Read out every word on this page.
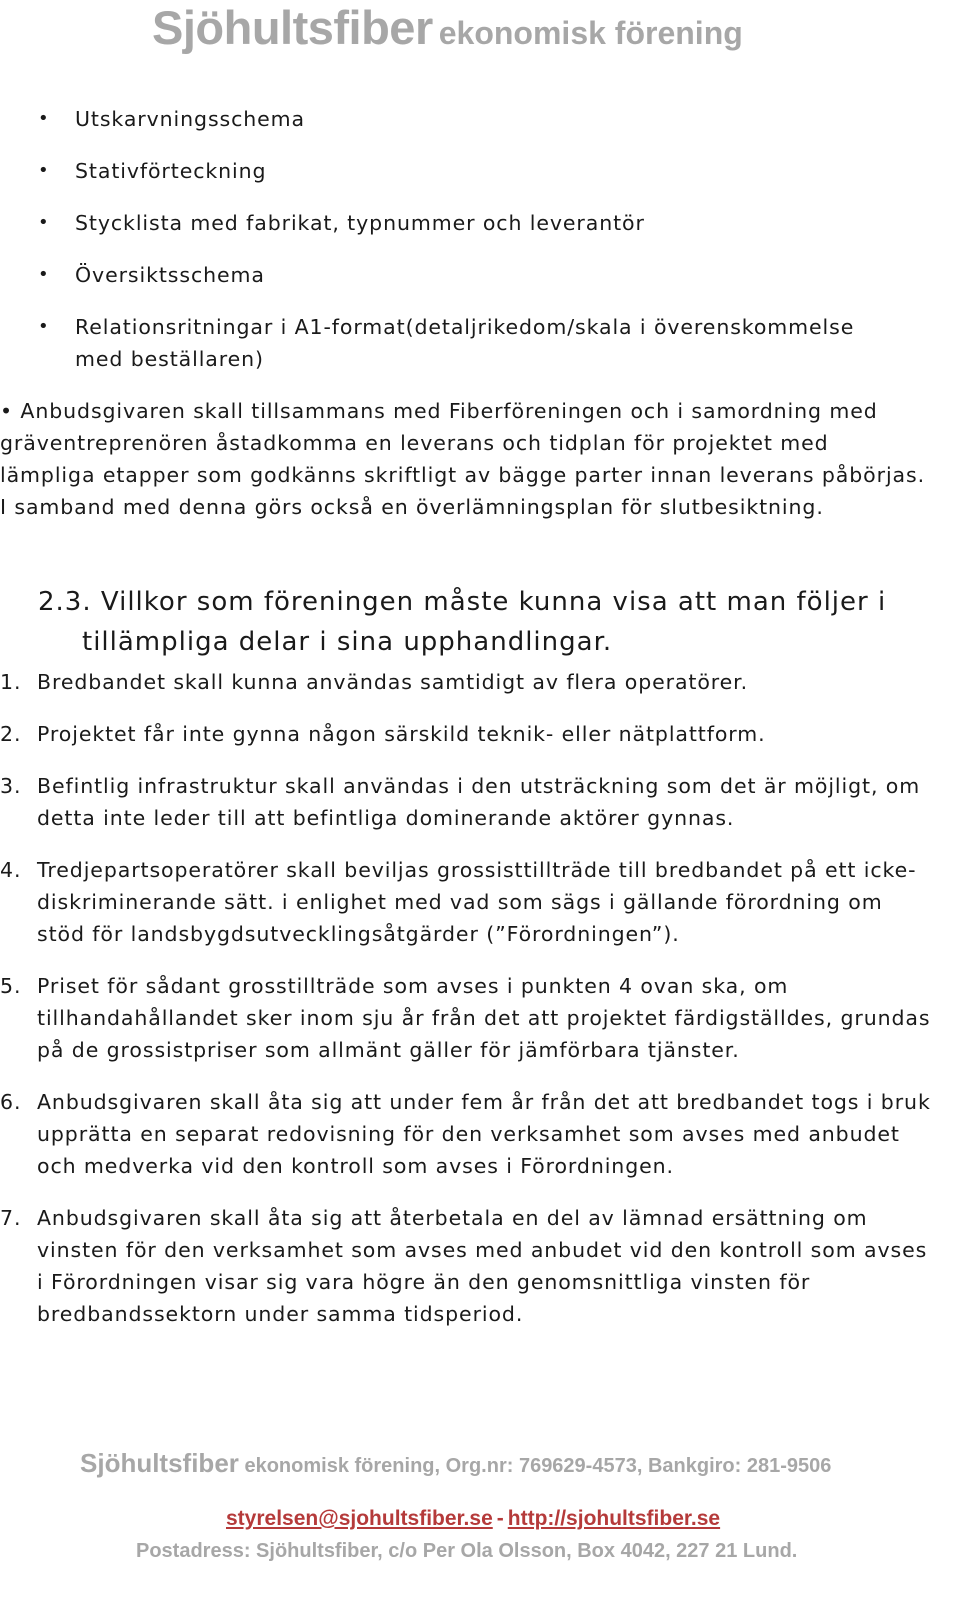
Sjöhultsfiber ekonomisk förening
• Utskarvningsschema
• Stativförteckning
• Stycklista med fabrikat, typnummer och leverantör
• Översiktsschema
• Relationsritningar i A1-format(detaljrikedom/skala i överenskommelse med beställaren)
• Anbudsgivaren skall tillsammans med Fiberföreningen och i samordning med gräventreprenören åstadkomma en leverans och tidplan för projektet med lämpliga etapper som godkänns skriftligt av bägge parter innan leverans påbörjas. I samband med denna görs också en överlämningsplan för slutbesiktning.
2.3. Villkor som föreningen måste kunna visa att man följer i
tillämpliga delar i sina upphandlingar.
1. Bredbandet skall kunna användas samtidigt av flera operatörer.
2. Projektet får inte gynna någon särskild teknik- eller nätplattform.
3. Befintlig infrastruktur skall användas i den utsträckning som det är möjligt, om detta inte leder till att befintliga dominerande aktörer gynnas.
4. Tredjepartsoperatörer skall beviljas grossisttillträde till bredbandet på ett icke-diskriminerande sätt. i enlighet med vad som sägs i gällande förordning om stöd för landsbygdsutvecklingsåtgärder (”Förordningen”).
5. Priset för sådant grosstillträde som avses i punkten 4 ovan ska, om tillhandahållandet sker inom sju år från det att projektet färdigställdes, grundas på de grossistpriser som allmänt gäller för jämförbara tjänster.
6. Anbudsgivaren skall åta sig att under fem år från det att bredbandet togs i bruk upprätta en separat redovisning för den verksamhet som avses med anbudet och medverka vid den kontroll som avses i Förordningen.
7. Anbudsgivaren skall åta sig att återbetala en del av lämnad ersättning om vinsten för den verksamhet som avses med anbudet vid den kontroll som avses i Förordningen visar sig vara högre än den genomsnittliga vinsten för bredbandssektorn under samma tidsperiod.
Sjöhultsfiber ekonomisk förening, Org.nr: 769629-4573, Bankgiro: 281-9506
styrelsen@sjohultsfiber.se - http://sjohultsfiber.se
Postadress: Sjöhultsfiber, c/o Per Ola Olsson, Box 4042, 227 21 Lund.
